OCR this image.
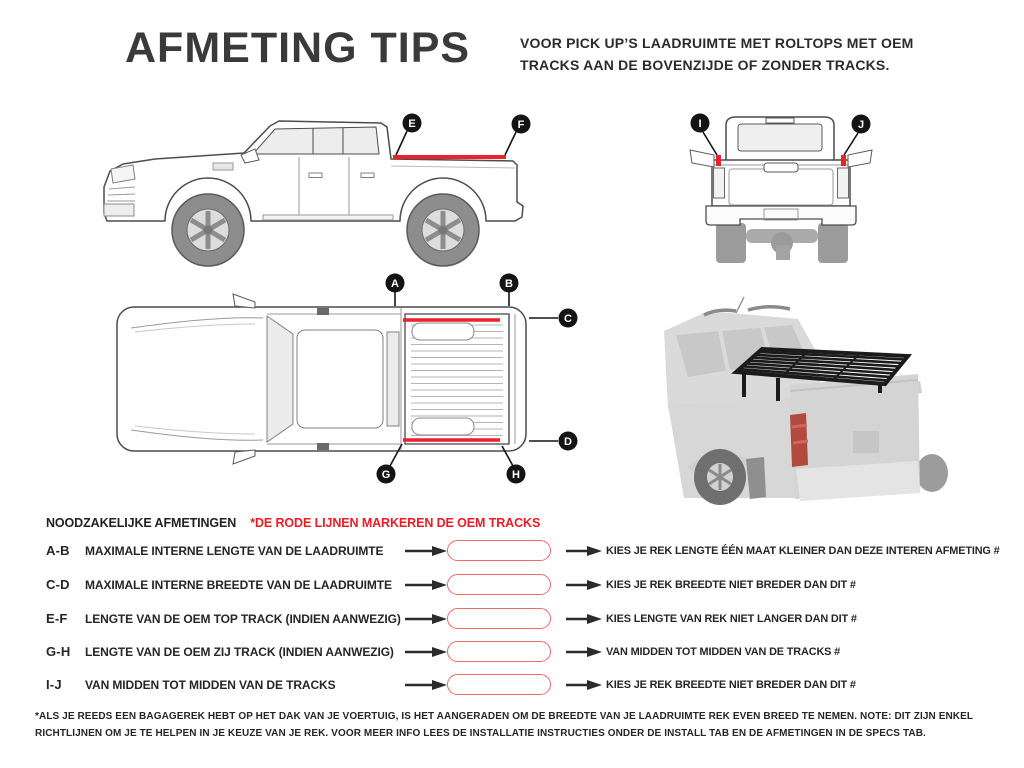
AFMETING TIPS	VOOR PICK UP’S LAADRUIMTE MET ROLTOPS MET OEM
TRACKS AAN DE BOVENZIJDE OF ZONDER TRACKS.
E	F	I	J
A	B
C
D
G	H
NOODZAKELIJKE AFMETINGEN *DE RODE LIJNEN MARKEREN DE OEM TRACKS
A-B MAXIMALE INTERNE LENGTE VAN DE LAADRUIMTE	KIES JE REK LENGTE ÉÉN MAAT KLEINER DAN DEZE INTEREN AFMETING #
C-D MAXIMALE INTERNE BREEDTE VAN DE LAADRUIMTE	KIES JE REK BREEDTE NIET BREDER DAN DIT #
E-F LENGTE VAN DE OEM TOP TRACK (INDIEN AANWEZIG)	KIES LENGTE VAN REK NIET LANGER DAN DIT #
G-H LENGTE VAN DE OEM ZIJ TRACK (INDIEN AANWEZIG)	VAN MIDDEN TOT MIDDEN VAN DE TRACKS #
I-J VAN MIDDEN TOT MIDDEN VAN DE TRACKS	KIES JE REK BREEDTE NIET BREDER DAN DIT #
*ALS JE REEDS EEN BAGAGEREK HEBT OP HET DAK VAN JE VOERTUIG, IS HET AANGERADEN OM DE BREEDTE VAN JE LAADRUIMTE REK EVEN BREED TE NEMEN. NOTE: DIT ZIJN ENKEL RICHTLIJNEN OM JE TE HELPEN IN JE KEUZE VAN JE REK. VOOR MEER INFO LEES DE INSTALLATIE INSTRUCTIES ONDER DE INSTALL TAB EN DE AFMETINGEN IN DE SPECS TAB.
